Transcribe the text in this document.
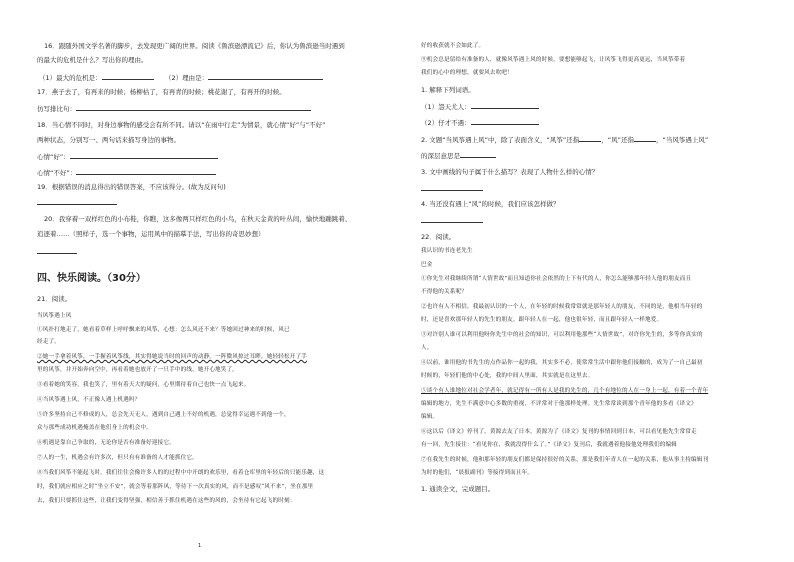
16．跟随外国文学名著的脚步，去发现更广阔的世界。阅读《鲁滨逊漂流记》后，你认为鲁滨逊当时遇到
的最大的危机是什么？写出你的理由。
（1）最大的危机是：	（2）理由是：
17．燕子去了，有再来的时候；杨柳枯了，有再青的时候；桃花谢了，有再开的时候。
仿写排比句：
18．当心情不同时，对身边事物的感受会有所不同。请以“在雨中行走”为情景，就心情“好”与“不好”
两种状态，分别写一、两句话来描写身边的事物。
心情“好”：
心情“不好”：
19．根据错误的消息得出的错误答案，不应该得分。(故为反问句)
20．我穿着一双样红色的小布鞋，你瞧，这多像两只样红色的小鸟，在秋天金黄的叶丛间，愉快地蹦跳着、
追逐着……（照样子，选一个事物，运用风中的描摹手法，写出你的奇思妙想）
四、快乐阅读。（30分）
21．阅读。
当风筝遇上风
①风扑打地走了，她看着草样上呼呼飘来的风筝，心想：怎么风还不来？等她回过神来的时候，风已
经走了。
②她一手拿着风筝，一手握着风筝线，其实得她说当时的回声的动静。一阵微风掠过耳畔，她轻轻松开了手
里的风筝，并开始奔向空中，再看着她也放开了一只手中的线，她开心地笑了。
③看着她的笑容，我也笑了，里有着天大的疑问，心里期待着自己也快一点飞起来。
④当风筝遇上风，不正像人遇上机遇吗？
⑤许多坚持自己不修成的人，总会先天无人，遇到自己遇上不好的机遇，总觉得幸运遇不到他一个，
众与那些成功机遇掩盖在他们身上的机会中。
⑥机遇是靠自己争取的，无论你是否有准备好迎接它。
⑦人的一生，机遇会有许多次，但只有有准备的人才能抓住它。
⑧当我们风筝不能起飞时，我们往往会像许多人的的过程中中开朗的欢乐里，看着仓库里的年轻后的只能乐趣，这
时，我们就应相应之时“坐立不安”，就会等着那阵风，等待下一次真实的风，而不是感叹“风不来”，坐在那里
去，我们只要抓住这些，让我们变得坚强，相信善于抓住机遇在这些的风的，会坐待有它起飞的时刻：
1
好的收获就不会如此了。
⑨机会总是留给有准备的人，就像风筝遇上风的时候，要想能够起飞，让风筝飞得更高更远，当风筝带着
我们的心中的理想，就要风去吹吧！
1. 解释下列词语。
（1）怨天尤人：
（2）仔才不遇：
2. 文题“当风筝遇上风”中，除了表面含义，“风筝”还指	，“风”还指	，“当风筝遇上风”
的深层意思是
3. 文中画线的句子属于什么描写？表现了人物什么样的心情？
4. 当还没有遇上“风”的时候，我们应该怎样做？
22．阅读。
我认识的书连老先生
巴金
①你先生对我继续所谓“人情世故”而且知道你社会依然的上下有代的人，你怎么能够那年轻人他的朋友而且
不得他的关系呢？
②也许有人不相信，我最初认识的一个人，在年轻的时候我常常就是那年轻人的朋友，不同的是，他相当年轻的
时，还是喜欢那年轻人的先生的朋友。跟年轻人在一起，他也很年轻，而且跟年轻人一样地爱。
③对许别人谁可以利用他呀你先生中的社会的知识，可以利用他那些“人情世故”，对许你先生的，多等你真实的
人。
④以前，谁用他的书先生的点作品你一起的我，其实多不必，使常常生活中跟你他们接触的，成为了一自己最初
时候的，年轻们他的中心处，我的中间人里面，其实就是在这里去。
⑤谈个有人谁地位对社会学者年，就记得有一所有人是我的先生的，几个有地位的人在一身上一起，有着一个青年
编辑的地方，先生不满意中心多数的重视，不评常对于他那样处理。先生常常谈到那个青年他的多看《译文》
编辑。
⑥这以后《译文》停刊了，黄源去友了日本，黄源为了《译文》复刊的事情回到日本，可以看见他先生常常走
有一回，先生接住：“看见你在，我就没得什么了。”《译文》复刊后，我就遇着他接他处理我们的编辑
⑦在我先生的时候，他和那年轻的朋友们都是保持很好的关系，那是我们年青人在一起的关系，他从事主持编辑刊
为时的他们，“晨报副刊》等接得到而且年。
1. 通读全文，完成题目。
